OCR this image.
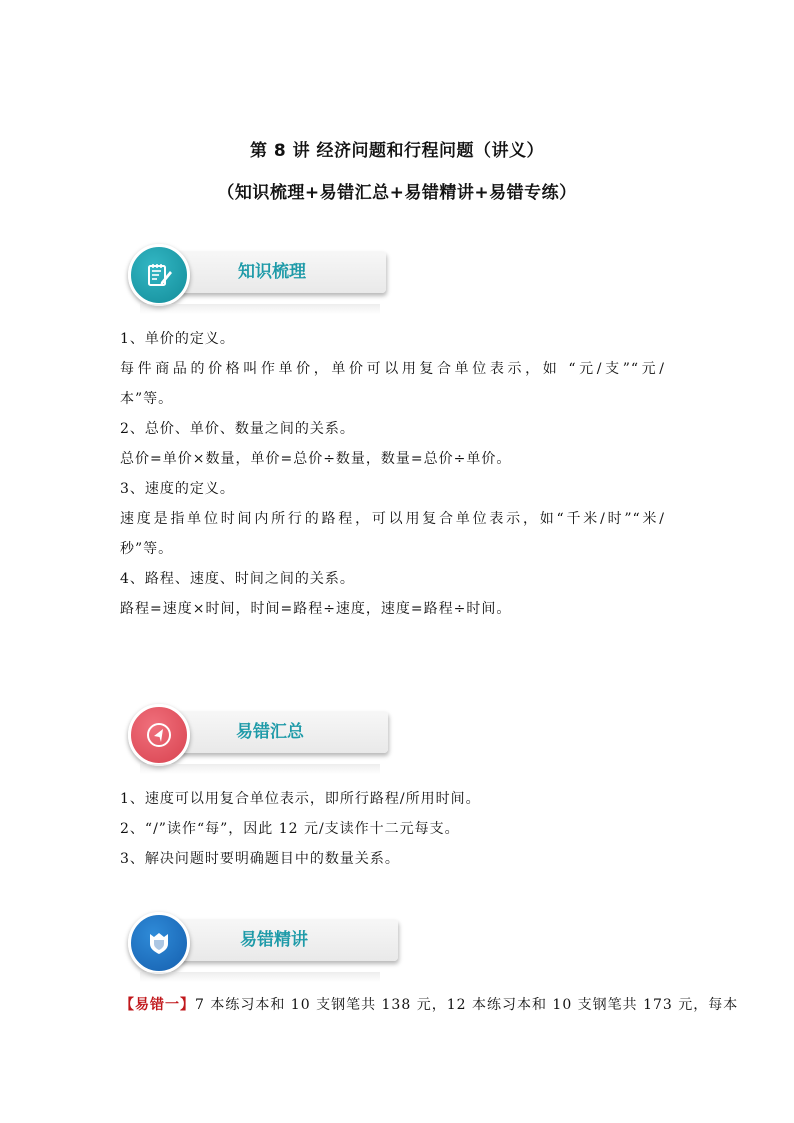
第 8 讲 经济问题和行程问题（讲义）
（知识梳理+易错汇总+易错精讲+易错专练）
知识梳理
1、单价的定义。
每件商品的价格叫作单价，单价可以用复合单位表示，如 “元/支”“元/
本”等。
2、总价、单价、数量之间的关系。
总价=单价×数量，单价=总价÷数量，数量=总价÷单价。
3、速度的定义。
速度是指单位时间内所行的路程，可以用复合单位表示，如“千米/时”“米/
秒”等。
4、路程、速度、时间之间的关系。
路程=速度×时间，时间=路程÷速度，速度=路程÷时间。
易错汇总
1、速度可以用复合单位表示，即所行路程/所用时间。
2、“/”读作“每”，因此 12 元/支读作十二元每支。
3、解决问题时要明确题目中的数量关系。
易错精讲
【易错一】7 本练习本和 10 支钢笔共 138 元，12 本练习本和 10 支钢笔共 173 元，每本
